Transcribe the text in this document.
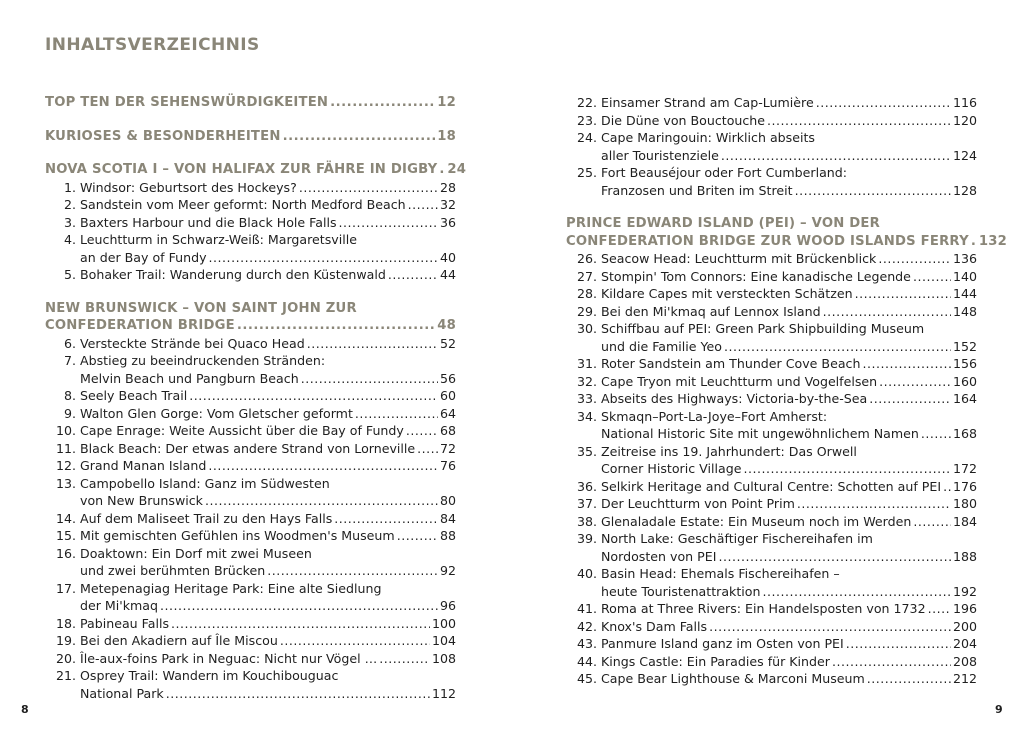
INHALTSVERZEICHNIS
TOP TEN DER SEHENSWÜRDIGKEITEN .....	12
KURIOSES & BESONDERHEITEN .....	18
NOVA SCOTIA I – VON HALIFAX ZUR FÄHRE IN DIGBY ..... 24
1. Windsor: Geburtsort des Hockeys? .....	28
2. Sandstein vom Meer geformt: North Medford Beach .....	32
3. Baxters Harbour und die Black Hole Falls .....	36
4. Leuchtturm in Schwarz-Weiß: Margaretsville
an der Bay of Fundy .....	40
5. Bohaker Trail: Wanderung durch den Küstenwald .....	44
NEW BRUNSWICK – VON SAINT JOHN ZUR
CONFEDERATION BRIDGE .....	48
6. Versteckte Strände bei Quaco Head .....	52
7. Abstieg zu beeindruckenden Stränden:
Melvin Beach und Pangburn Beach .....	56
8. Seely Beach Trail .....	60
9. Walton Glen Gorge: Vom Gletscher geformt .....	64
10. Cape Enrage: Weite Aussicht über die Bay of Fundy .....	68
11. Black Beach: Der etwas andere Strand von Lorneville ..... 72
12. Grand Manan Island .....	76
13. Campobello Island: Ganz im Südwesten
von New Brunswick .....	80
14. Auf dem Maliseet Trail zu den Hays Falls .....	84
15. Mit gemischten Gefühlen ins Woodmen's Museum .....	88
16. Doaktown: Ein Dorf mit zwei Museen
und zwei berühmten Brücken .....	92
17. Metepenagiag Heritage Park: Eine alte Siedlung
der Mi'kmaq .....	96
18. Pabineau Falls .....	100
19. Bei den Akadiern auf Île Miscou .....	104
20. Île-aux-foins Park in Neguac: Nicht nur Vögel … .....	108
21. Osprey Trail: Wandern im Kouchibouguac
National Park .....	112
22. Einsamer Strand am Cap-Lumière .....	116
23. Die Düne von Bouctouche .....	120
24. Cape Maringouin: Wirklich abseits
aller Touristenziele .....	124
25. Fort Beauséjour oder Fort Cumberland:
Franzosen und Briten im Streit .....	128
PRINCE EDWARD ISLAND (PEI) – VON DER
CONFEDERATION BRIDGE ZUR WOOD ISLANDS FERRY ..... 132
26. Seacow Head: Leuchtturm mit Brückenblick .....	136
27. Stompin' Tom Connors: Eine kanadische Legende .....	140
28. Kildare Capes mit versteckten Schätzen .....	144
29. Bei den Mi'kmaq auf Lennox Island .....	148
30. Schiffbau auf PEI: Green Park Shipbuilding Museum
und die Familie Yeo .....	152
31. Roter Sandstein am Thunder Cove Beach .....	156
32. Cape Tryon mit Leuchtturm und Vogelfelsen .....	160
33. Abseits des Highways: Victoria-by-the-Sea .....	164
34. Skmaqn–Port-La-Joye–Fort Amherst:
National Historic Site mit ungewöhnlichem Namen .....	168
35. Zeitreise ins 19. Jahrhundert: Das Orwell
Corner Historic Village .....	172
36. Selkirk Heritage and Cultural Centre: Schotten auf PEI ..... 176
37. Der Leuchtturm von Point Prim .....	180
38. Glenaladale Estate: Ein Museum noch im Werden .....	184
39. North Lake: Geschäftiger Fischereihafen im
Nordosten von PEI .....	188
40. Basin Head: Ehemals Fischereihafen –
heute Touristenattraktion .....	192
41. Roma at Three Rivers: Ein Handelsposten von 1732 ..... 196
42. Knox's Dam Falls .....	200
43. Panmure Island ganz im Osten von PEI .....	204
44. Kings Castle: Ein Paradies für Kinder .....	208
45. Cape Bear Lighthouse & Marconi Museum .....	212
8	9
